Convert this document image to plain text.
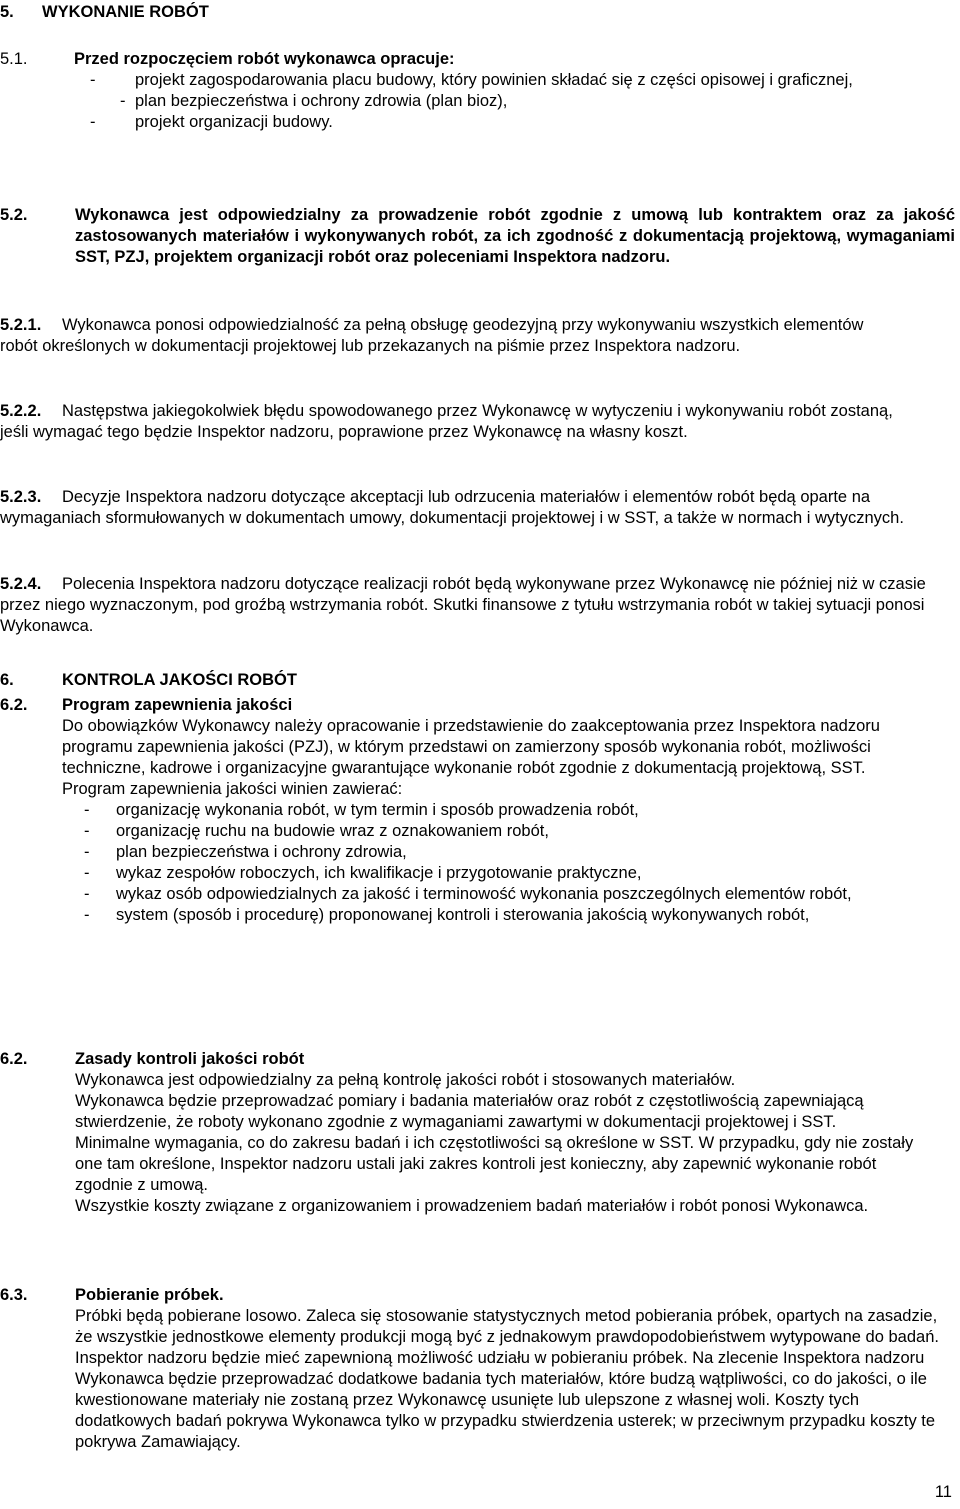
5. WYKONANIE ROBÓT
5.1.	Przed rozpoczęciem robót wykonawca opracuje:

- projekt zagospodarowania placu budowy, który powinien składać się z części opisowej i graficznej,
- plan bezpieczeństwa i ochrony zdrowia (plan bioz),
- projekt organizacji budowy.
5.2.	Wykonawca jest odpowiedzialny za prowadzenie robót zgodnie z umową lub kontraktem oraz za jakość zastosowanych materiałów i wykonywanych robót, za ich zgodność z dokumentacją projektową, wymaganiami SST, PZJ, projektem organizacji robót oraz poleceniami Inspektora nadzoru.

5.2.1.	Wykonawca ponosi odpowiedzialność za pełną obsługę geodezyjną przy wykonywaniu wszystkich elementów robót określonych w dokumentacji projektowej lub przekazanych na piśmie przez Inspektora nadzoru.

5.2.2.	Następstwa jakiegokolwiek błędu spowodowanego przez Wykonawcę w wytyczeniu i wykonywaniu robót zostaną, jeśli wymagać tego będzie Inspektor nadzoru, poprawione przez Wykonawcę na własny koszt.

5.2.3.	Decyzje Inspektora nadzoru dotyczące akceptacji lub odrzucenia materiałów i elementów robót będą oparte na wymaganiach sformułowanych w dokumentach umowy, dokumentacji projektowej i w SST, a także w normach i wytycznych.

5.2.4.	Polecenia Inspektora nadzoru dotyczące realizacji robót będą wykonywane przez Wykonawcę nie później niż w czasie przez niego wyznaczonym, pod groźbą wstrzymania robót. Skutki finansowe z tytułu wstrzymania robót w takiej sytuacji ponosi Wykonawca.

6.	KONTROLA JAKOŚCI ROBÓT
6.2. Program zapewnienia jakości

Do obowiązków Wykonawcy należy opracowanie i przedstawienie do zaakceptowania przez Inspektora nadzoru programu zapewnienia jakości (PZJ), w którym przedstawi on zamierzony sposób wykonania robót, możliwości techniczne, kadrowe i organizacyjne gwarantujące wykonanie robót zgodnie z dokumentacją projektową, SST.

Program zapewnienia jakości winien zawierać:

- organizację wykonania robót, w tym termin i sposób prowadzenia robót,
- organizację ruchu na budowie wraz z oznakowaniem robót,
- plan bezpieczeństwa i ochrony zdrowia,
- wykaz zespołów roboczych, ich kwalifikacje i przygotowanie praktyczne,
- wykaz osób odpowiedzialnych za jakość i terminowość wykonania poszczególnych elementów robót,
- system (sposób i procedurę) proponowanej kontroli i sterowania jakością wykonywanych robót,
6.2.	Zasady kontroli jakości robót

Wykonawca jest odpowiedzialny za pełną kontrolę jakości robót i stosowanych materiałów.

Wykonawca będzie przeprowadzać pomiary i badania materiałów oraz robót z częstotliwością zapewniającą stwierdzenie, że roboty wykonano zgodnie z wymaganiami zawartymi w dokumentacji projektowej i SST.

Minimalne wymagania, co do zakresu badań i ich częstotliwości są określone w SST. W przypadku, gdy nie zostały one tam określone, Inspektor nadzoru ustali jaki zakres kontroli jest konieczny, aby zapewnić wykonanie robót zgodnie z umową.

Wszystkie koszty związane z organizowaniem i prowadzeniem badań materiałów i robót ponosi Wykonawca.

6.3.	Pobieranie próbek.

Próbki będą pobierane losowo. Zaleca się stosowanie statystycznych metod pobierania próbek, opartych na zasadzie, że wszystkie jednostkowe elementy produkcji mogą być z jednakowym prawdopodobieństwem wytypowane do badań.

Inspektor nadzoru będzie mieć zapewnioną możliwość udziału w pobieraniu próbek. Na zlecenie Inspektora nadzoru Wykonawca będzie przeprowadzać dodatkowe badania tych materiałów, które budzą wątpliwości, co do jakości, o ile kwestionowane materiały nie zostaną przez Wykonawcę usunięte lub ulepszone z własnej woli. Koszty tych dodatkowych badań pokrywa Wykonawca tylko w przypadku stwierdzenia usterek; w przeciwnym przypadku koszty te pokrywa Zamawiający.

11
